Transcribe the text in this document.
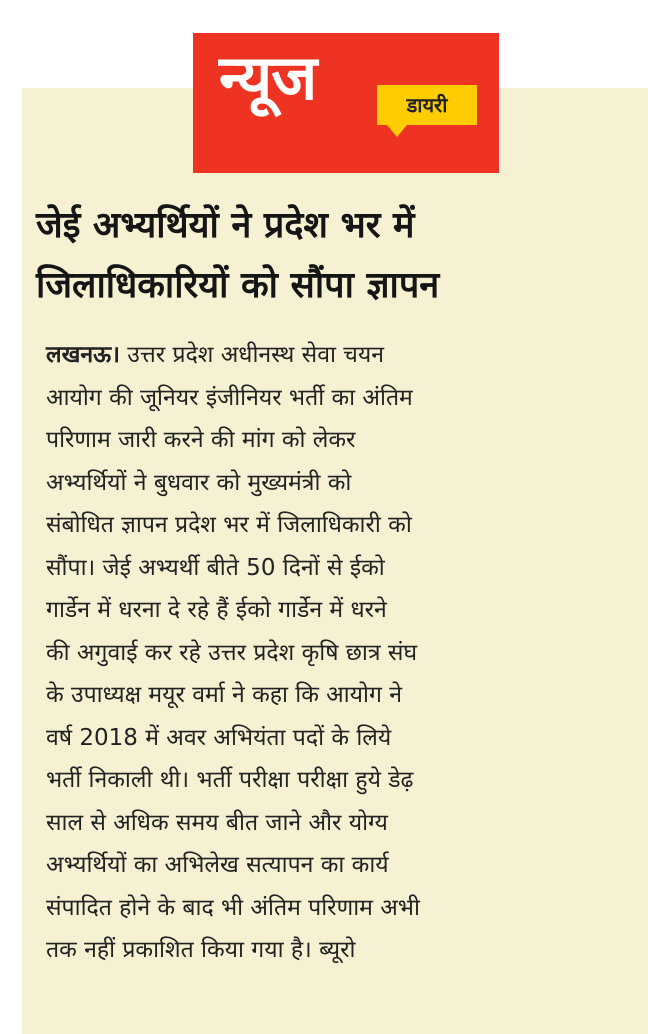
न्यूज	डायरी
जेई अभ्यर्थियों ने प्रदेश भर में
जिलाधिकारियों को सौंपा ज्ञापन

लखनऊ। उत्तर प्रदेश अधीनस्थ सेवा चयन
आयोग की जूनियर इंजीनियर भर्ती का अंतिम
परिणाम जारी करने की मांग को लेकर
अभ्यर्थियों ने बुधवार को मुख्यमंत्री को
संबोधित ज्ञापन प्रदेश भर में जिलाधिकारी को
सौंपा। जेई अभ्यर्थी बीते 50 दिनों से ईको
गार्डेन में धरना दे रहे हैं ईको गार्डेन में धरने
की अगुवाई कर रहे उत्तर प्रदेश कृषि छात्र संघ
के उपाध्यक्ष मयूर वर्मा ने कहा कि आयोग ने
वर्ष 2018 में अवर अभियंता पदों के लिये
भर्ती निकाली थी। भर्ती परीक्षा परीक्षा हुये डेढ़
साल से अधिक समय बीत जाने और योग्य
अभ्यर्थियों का अभिलेख सत्यापन का कार्य
संपादित होने के बाद भी अंतिम परिणाम अभी
तक नहीं प्रकाशित किया गया है। ब्यूरो
